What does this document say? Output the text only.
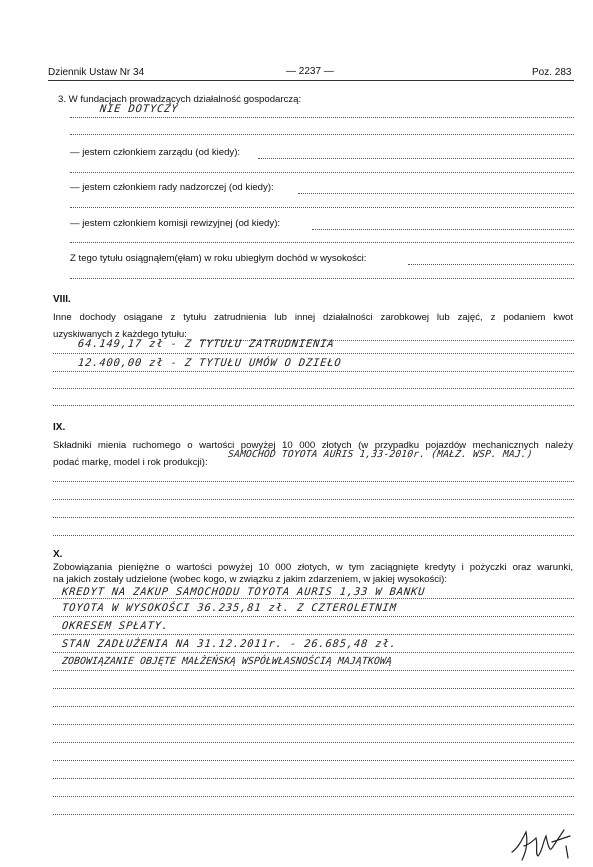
Dziennik Ustaw Nr 34	— 2237 —	Poz. 283
3. W fundacjach prowadzących działalność gospodarczą:
NIE DOTYCZY
— jestem członkiem zarządu (od kiedy):
— jestem członkiem rady nadzorczej (od kiedy):
— jestem członkiem komisji rewizyjnej (od kiedy):
Z tego tytułu osiągnąłem(ęłam) w roku ubiegłym dochód w wysokości:
VIII.
Inne dochody osiągane z tytułu zatrudnienia lub innej działalności zarobkowej lub zajęć, z podaniem kwot
uzyskiwanych z każdego tytułu:
64.149,17 zł - Z TYTUŁU ZATRUDNIENIA
12.400,00 zł - Z TYTUŁU UMÓW O DZIEŁO
IX.
Składniki mienia ruchomego o wartości powyżej 10 000 złotych (w przypadku pojazdów mechanicznych należy
podać markę, model i rok produkcji):
SAMOCHÓD TOYOTA AURIS 1,33-2010r. (MAŁŻ. WSP. MAJ.)
X.
Zobowiązania pieniężne o wartości powyżej 10 000 złotych, w tym zaciągnięte kredyty i pożyczki oraz warunki,
na jakich zostały udzielone (wobec kogo, w związku z jakim zdarzeniem, w jakiej wysokości):
KREDYT NA ZAKUP SAMOCHODU TOYOTA AURIS 1,33 W BANKU
TOYOTA W WYSOKOŚCI 36.235,81 zł. Z CZTEROLETNIM
OKRESEM SPŁATY.
STAN ZADŁUŻENIA NA 31.12.2011r. - 26.685,48 zł.
ZOBOWIĄZANIE OBJĘTE MAŁŻEŃSKĄ WSPÓŁWŁASNOŚCIĄ MAJĄTKOWĄ
